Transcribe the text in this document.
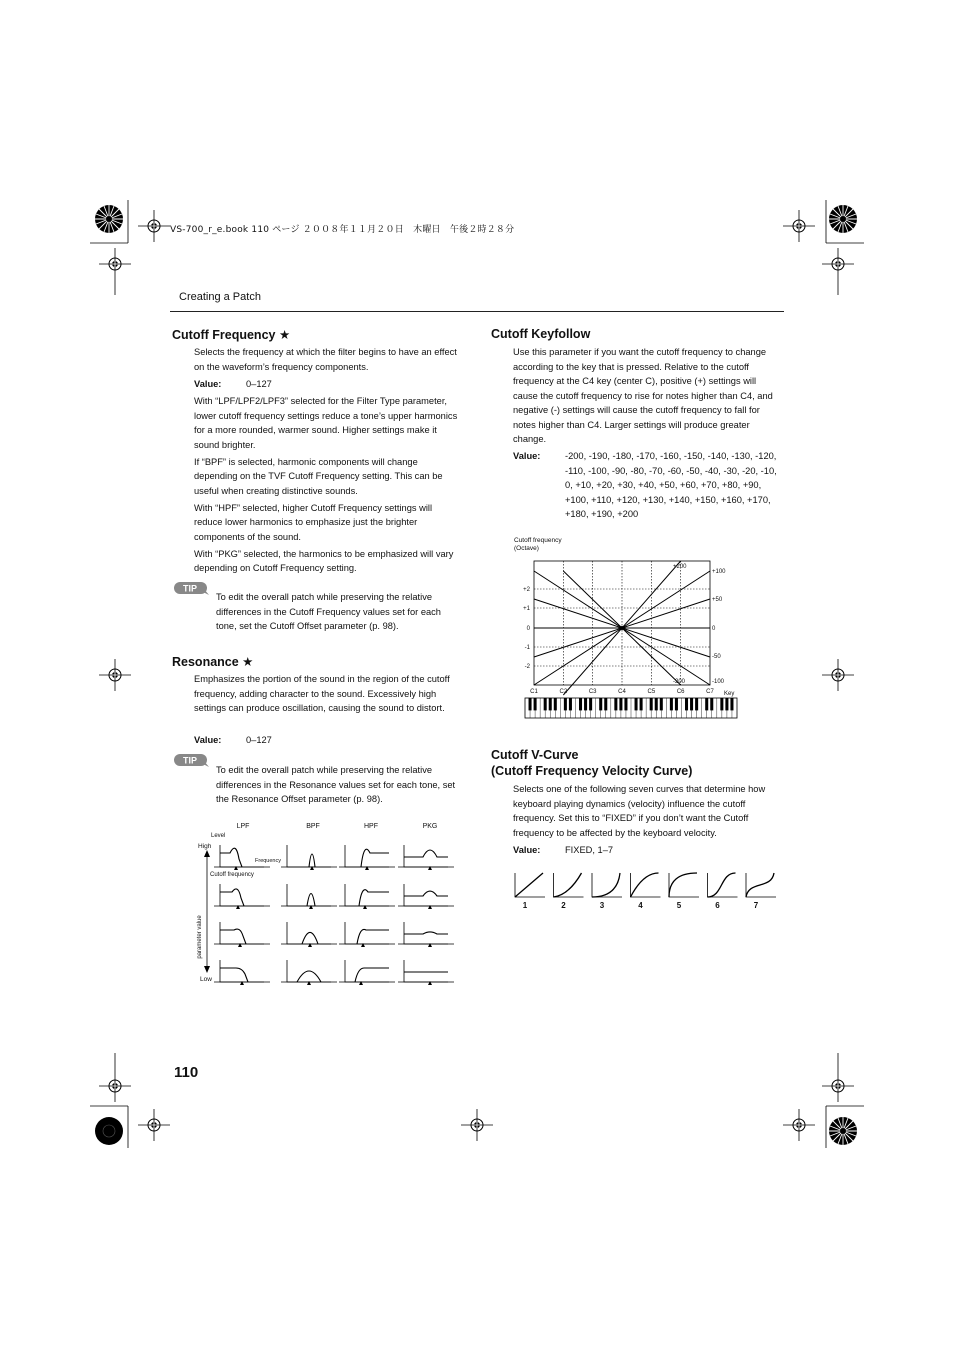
VS-700_r_e.book 110 ページ ２００８年１１月２０日　木曜日　午後２時２８分
Creating a Patch
Cutoff Frequency ★

Selects the frequency at which the filter begins to have an effect on the waveform’s frequency components.

Value:	0–127

With “LPF/LPF2/LPF3” selected for the Filter Type parameter, lower cutoff frequency settings reduce a tone’s upper harmonics for a more rounded, warmer sound. Higher settings make it sound brighter.

If “BPF” is selected, harmonic components will change depending on the TVF Cutoff Frequency setting. This can be useful when creating distinctive sounds.

With “HPF” selected, higher Cutoff Frequency settings will reduce lower harmonics to emphasize just the brighter components of the sound.

With “PKG” selected, the harmonics to be emphasized will vary depending on Cutoff Frequency setting.

TIP
To edit the overall patch while preserving the relative differences in the Cutoff Frequency values set for each tone, set the Cutoff Offset parameter (p. 98).
Resonance ★
Emphasizes the portion of the sound in the region of the cutoff frequency, adding character to the sound. Excessively high settings can produce oscillation, causing the sound to distort.
Value:	0–127
TIP
To edit the overall patch while preserving the relative differences in the Resonance values set for each tone, set the Resonance Offset parameter (p. 98).
LPF	BPF	HPF	PKG
Level
High
Low
Frequency
Cutoff frequency
parameter value
Cutoff Keyfollow
Use this parameter if you want the cutoff frequency to change according to the key that is pressed. Relative to the cutoff frequency at the C4 key (center C), positive (+) settings will cause the cutoff frequency to rise for notes higher than C4, and negative (-) settings will cause the cutoff frequency to fall for notes higher than C4. Larger settings will produce greater change.
Value:	-200, -190, -180, -170, -160, -150, -140, -130, -120, -110, -100, -90, -80, -70, -60, -50, -40, -30, -20, -10, 0, +10, +20, +30, +40, +50, +60, +70, +80, +90, +100, +110, +120, +130, +140, +150, +160, +170, +180, +190, +200
Cutoff frequency
(Octave)
+2
+1
0
-1
-2
C1	C2	C3	C4	C5	C6	C7 Key
+200
+100
+50
0
-50
-100
-200
Cutoff V-Curve
(Cutoff Frequency Velocity Curve)
Selects one of the following seven curves that determine how keyboard playing dynamics (velocity) influence the cutoff frequency. Set this to “FIXED” if you don’t want the Cutoff frequency to be affected by the keyboard velocity.
Value:	FIXED, 1–7
1	2	3	4	5	6	7
110
